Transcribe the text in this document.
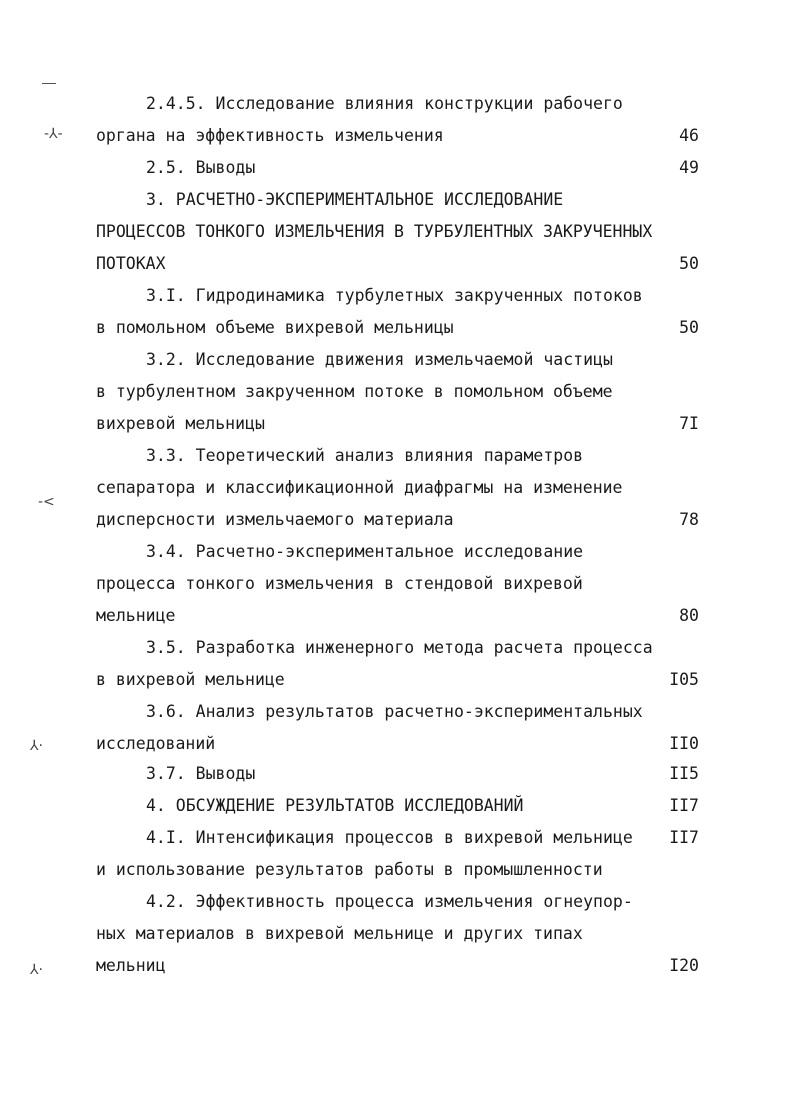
-⅄-
-<
⅄·
⅄·
2.4.5. Исследование влияния конструкции рабочего
органа на эффективность измельчения	46
2.5. Выводы	49
3. РАСЧЕТНО-ЭКСПЕРИМЕНТАЛЬНОЕ ИССЛЕДОВАНИЕ
ПРОЦЕССОВ ТОНКОГО ИЗМЕЛЬЧЕНИЯ В ТУРБУЛЕНТНЫХ ЗАКРУЧЕННЫХ
ПОТОКАХ	50
3.I. Гидродинамика турбулетных закрученных потоков
в помольном объеме вихревой мельницы	50
3.2. Исследование движения измельчаемой частицы
в турбулентном закрученном потоке в помольном объеме
вихревой мельницы	7I
3.3. Теоретический анализ влияния параметров
сепаратора и классификационной диафрагмы на изменение
дисперсности измельчаемого материала	78
3.4. Расчетно-экспериментальное исследование
процесса тонкого измельчения в стендовой вихревой
мельнице	80
3.5. Разработка инженерного метода расчета процесса
в вихревой мельнице	I05
3.6. Анализ результатов расчетно-экспериментальных
исследований	II0
3.7. Выводы	II5
4. ОБСУЖДЕНИЕ РЕЗУЛЬТАТОВ ИССЛЕДОВАНИЙ	II7
4.I. Интенсификация процессов в вихревой мельнице II7
и использование результатов работы в промышленности
4.2. Эффективность процесса измельчения огнеупор-
ных материалов в вихревой мельнице и других типах
мельниц	I20
